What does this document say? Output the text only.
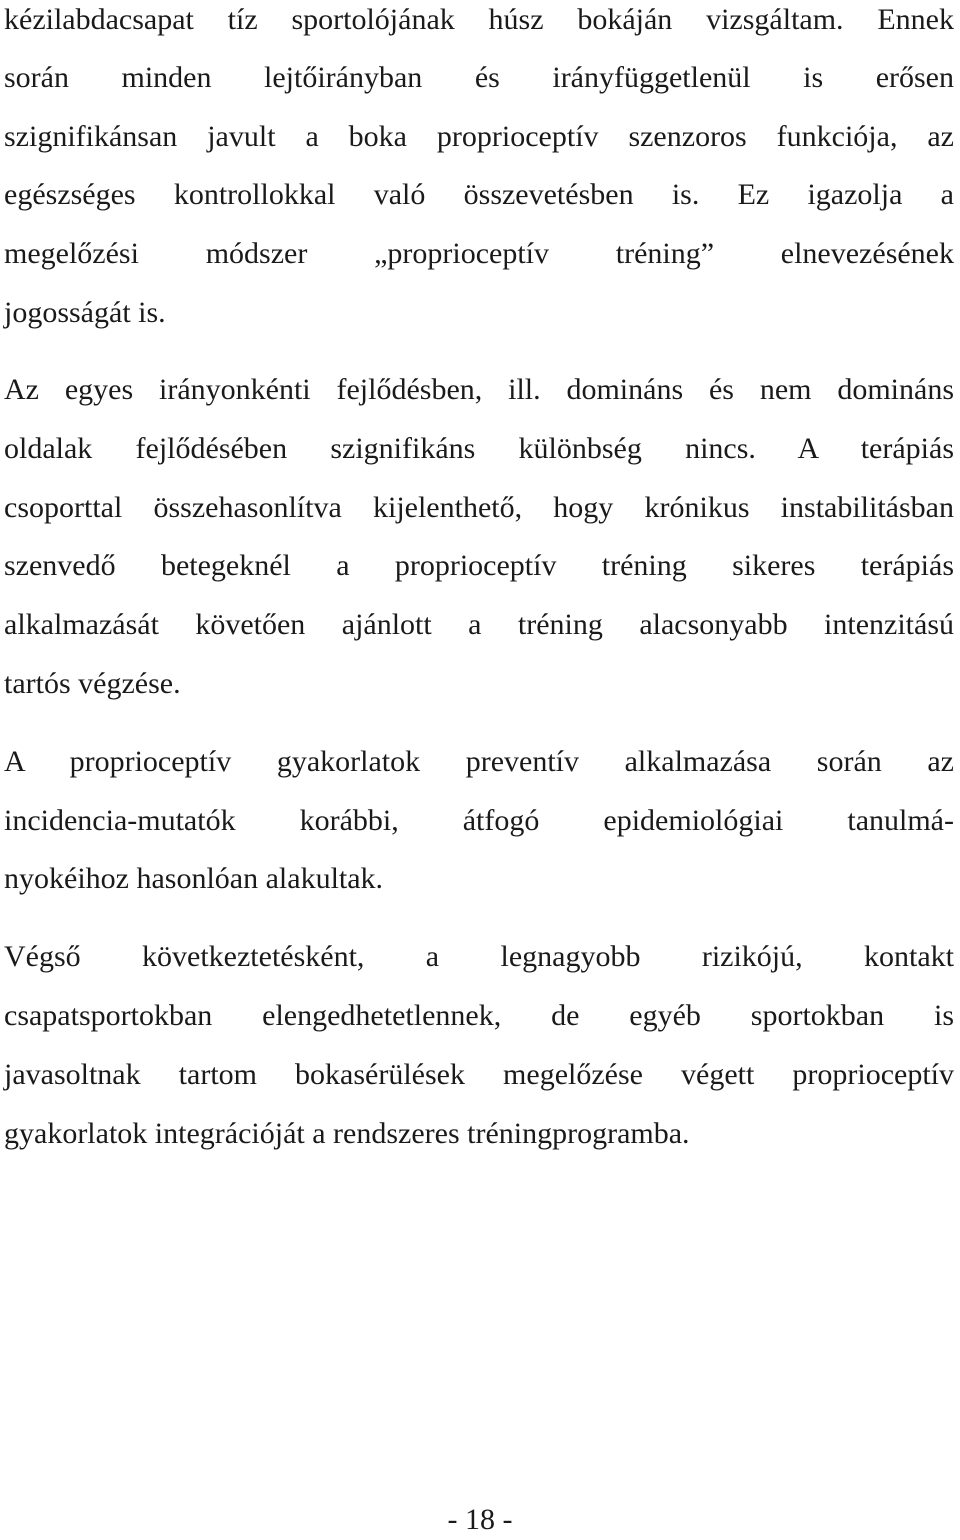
kézilabdacsapat tíz sportolójának húsz bokáján vizsgáltam. Ennek
során minden lejtőirányban és irányfüggetlenül is erősen
szignifikánsan javult a boka proprioceptív szenzoros funkciója, az
egészséges kontrollokkal való összevetésben is. Ez igazolja a
megelőzési módszer „proprioceptív tréning” elnevezésének
jogosságát is.
Az egyes irányonkénti fejlődésben, ill. domináns és nem domináns
oldalak fejlődésében szignifikáns különbség nincs. A terápiás
csoporttal összehasonlítva kijelenthető, hogy krónikus instabilitásban
szenvedő betegeknél a proprioceptív tréning sikeres terápiás
alkalmazását követően ajánlott a tréning alacsonyabb intenzitású
tartós végzése.
A proprioceptív gyakorlatok preventív alkalmazása során az
incidencia-mutatók korábbi, átfogó epidemiológiai tanulmá-
nyokéihoz hasonlóan alakultak.
Végső következtetésként, a legnagyobb rizikójú, kontakt
csapatsportokban elengedhetetlennek, de egyéb sportokban is
javasoltnak tartom bokasérülések megelőzése végett proprioceptív
gyakorlatok integrációját a rendszeres tréningprogramba.
- 18 -
